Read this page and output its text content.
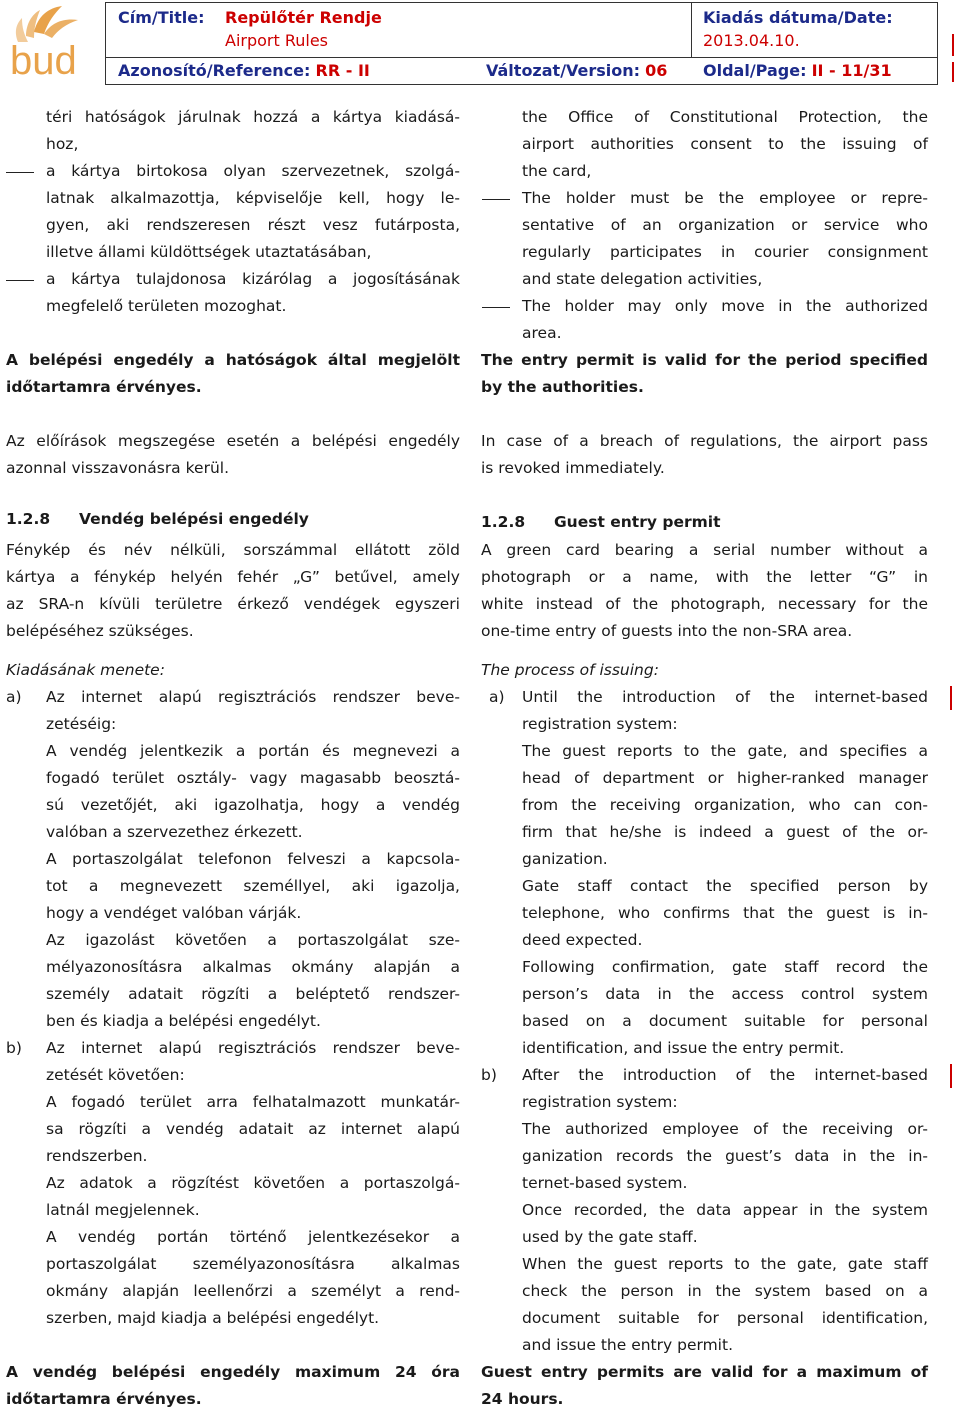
bud
Cím/Title: Repülőtér Rendje
Airport Rules
Kiadás dátuma/Date:
2013.04.10.
Azonosító/Reference: RR - II	Változat/Version: 06 Oldal/Page: II - 11/31
téri hatóságok járulnak hozzá a kártya kiadásá-
hoz,
a kártya birtokosa olyan szervezetnek, szolgá-
latnak alkalmazottja, képviselője kell, hogy le-
gyen, aki rendszeresen részt vesz futárposta,
illetve állami küldöttségek utaztatásában,
a kártya tulajdonosa kizárólag a jogosításának
megfelelő területen mozoghat.
A belépési engedély a hatóságok által megjelölt
időtartamra érvényes.
Az előírások megszegése esetén a belépési engedély
azonnal visszavonásra kerül.
1.2.8 Vendég belépési engedély
Fénykép és név nélküli, sorszámmal ellátott zöld
kártya a fénykép helyén fehér „G” betűvel, amely
az SRA-n kívüli területre érkező vendégek egyszeri
belépéséhez szükséges.
Kiadásának menete:
a) Az internet alapú regisztrációs rendszer beve-
zetéséig:
A vendég jelentkezik a portán és megnevezi a
fogadó terület osztály- vagy magasabb beosztá-
sú vezetőjét, aki igazolhatja, hogy a vendég
valóban a szervezethez érkezett.
A portaszolgálat telefonon felveszi a kapcsola-
tot a megnevezett személlyel, aki igazolja,
hogy a vendéget valóban várják.
Az igazolást követően a portaszolgálat sze-
mélyazonosításra alkalmas okmány alapján a
személy adatait rögzíti a beléptető rendszer-
ben és kiadja a belépési engedélyt.
b) Az internet alapú regisztrációs rendszer beve-
zetését követően:
A fogadó terület arra felhatalmazott munkatár-
sa rögzíti a vendég adatait az internet alapú
rendszerben.
Az adatok a rögzítést követően a portaszolgá-
latnál megjelennek.
A vendég portán történő jelentkezésekor a
portaszolgálat személyazonosításra alkalmas
okmány alapján leellenőrzi a személyt a rend-
szerben, majd kiadja a belépési engedélyt.
A vendég belépési engedély maximum 24 óra
időtartamra érvényes.
the Office of Constitutional Protection, the
airport authorities consent to the issuing of
the card,
The holder must be the employee or repre-
sentative of an organization or service who
regularly participates in courier consignment
and state delegation activities,
The holder may only move in the authorized
area.
The entry permit is valid for the period specified
by the authorities.
In case of a breach of regulations, the airport pass
is revoked immediately.
1.2.8 Guest entry permit
A green card bearing a serial number without a
photograph or a name, with the letter “G” in
white instead of the photograph, necessary for the
one-time entry of guests into the non-SRA area.
The process of issuing:
a) Until the introduction of the internet-based
registration system:
The guest reports to the gate, and specifies a
head of department or higher-ranked manager
from the receiving organization, who can con-
firm that he/she is indeed a guest of the or-
ganization.
Gate staff contact the specified person by
telephone, who confirms that the guest is in-
deed expected.
Following confirmation, gate staff record the
person’s data in the access control system
based on a document suitable for personal
identification, and issue the entry permit.
b) After the introduction of the internet-based
registration system:
The authorized employee of the receiving or-
ganization records the guest’s data in the in-
ternet-based system.
Once recorded, the data appear in the system
used by the gate staff.
When the guest reports to the gate, gate staff
check the person in the system based on a
document suitable for personal identification,
and issue the entry permit.
Guest entry permits are valid for a maximum of
24 hours.
